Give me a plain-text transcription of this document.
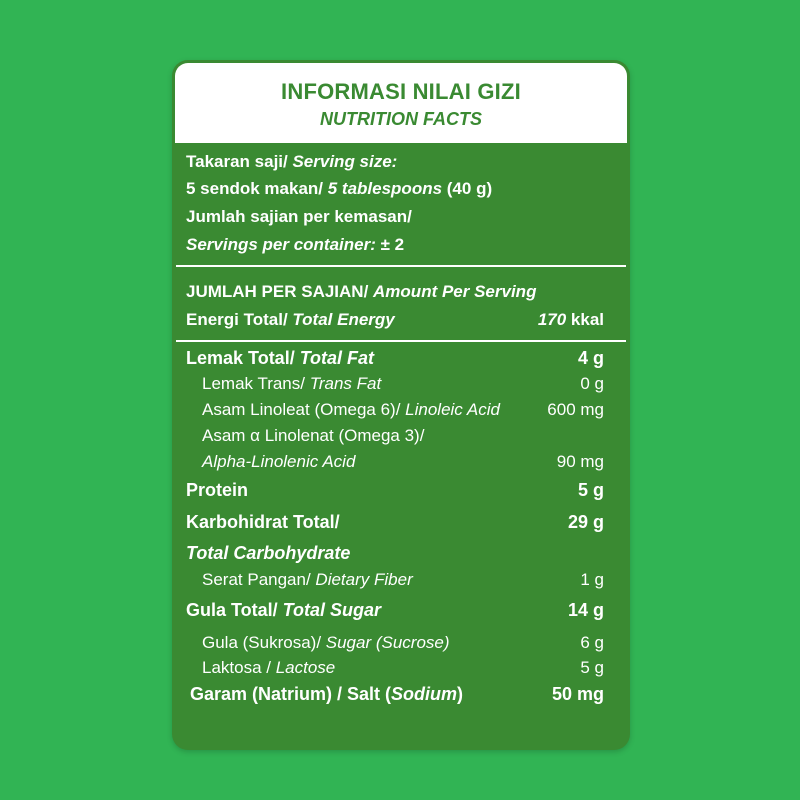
INFORMASI NILAI GIZI
NUTRITION FACTS
Takaran saji/ Serving size:
5 sendok makan/ 5 tablespoons (40 g)
Jumlah sajian per kemasan/
Servings per container: ± 2
JUMLAH PER SAJIAN/ Amount Per Serving
Energi Total/ Total Energy	170 kkal
Lemak Total/ Total Fat	4 g
Lemak Trans/ Trans Fat	0 g
Asam Linoleat (Omega 6)/ Linoleic Acid	600 mg
Asam α Linolenat (Omega 3)/
Alpha-Linolenic Acid	90 mg
Protein	5 g
Karbohidrat Total/	29 g
Total Carbohydrate
Serat Pangan/ Dietary Fiber	1 g
Gula Total/ Total Sugar	14 g
Gula (Sukrosa)/ Sugar (Sucrose)	6 g
Laktosa / Lactose	5 g
Garam (Natrium) / Salt (Sodium)	50 mg
